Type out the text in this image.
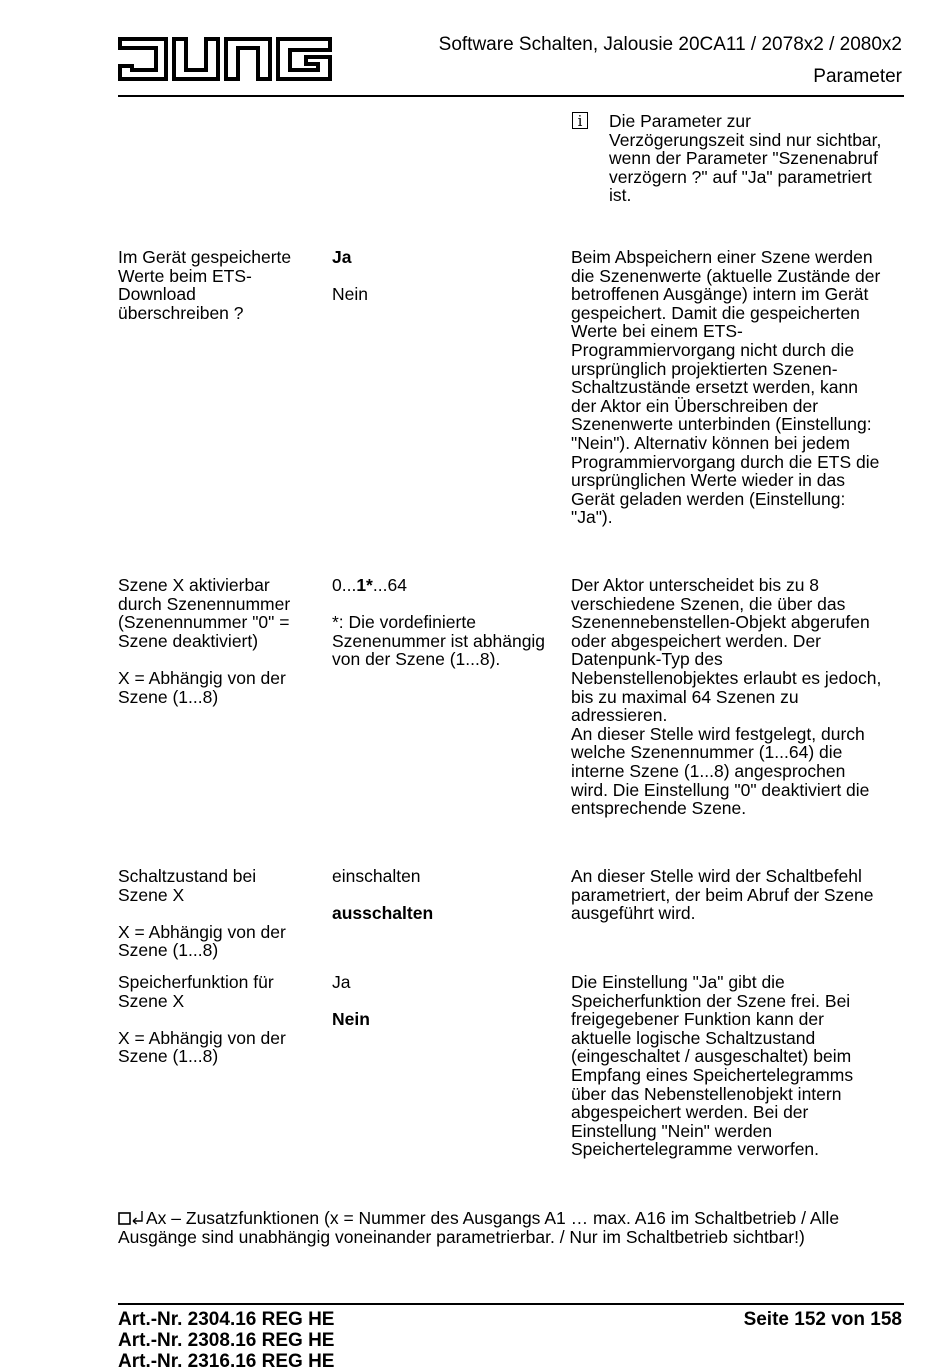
Software Schalten, Jalousie 20CA11 / 2078x2 / 2080x2
Parameter
i	Die Parameter zur
Verzögerungszeit sind nur sichtbar,
wenn der Parameter "Szenenabruf
verzögern ?" auf "Ja" parametriert
ist.
Im Gerät gespeicherte
Werte beim ETS-
Download
überschreiben ?
Ja
Nein
Beim Abspeichern einer Szene werden
die Szenenwerte (aktuelle Zustände der
betroffenen Ausgänge) intern im Gerät
gespeichert. Damit die gespeicherten
Werte bei einem ETS-
Programmiervorgang nicht durch die
ursprünglich projektierten Szenen-
Schaltzustände ersetzt werden, kann
der Aktor ein Überschreiben der
Szenenwerte unterbinden (Einstellung:
"Nein"). Alternativ können bei jedem
Programmiervorgang durch die ETS die
ursprünglichen Werte wieder in das
Gerät geladen werden (Einstellung:
"Ja").
Szene X aktivierbar
durch Szenennummer
(Szenennummer "0" =
Szene deaktiviert)
X = Abhängig von der
Szene (1...8)
0...1*...64
*: Die vordefinierte
Szenenummer ist abhängig
von der Szene (1...8).
Der Aktor unterscheidet bis zu 8
verschiedene Szenen, die über das
Szenennebenstellen-Objekt abgerufen
oder abgespeichert werden. Der
Datenpunk-Typ des
Nebenstellenobjektes erlaubt es jedoch,
bis zu maximal 64 Szenen zu
adressieren.
An dieser Stelle wird festgelegt, durch
welche Szenennummer (1...64) die
interne Szene (1...8) angesprochen
wird. Die Einstellung "0" deaktiviert die
entsprechende Szene.
Schaltzustand bei
Szene X
X = Abhängig von der
Szene (1...8)
einschalten
ausschalten
An dieser Stelle wird der Schaltbefehl
parametriert, der beim Abruf der Szene
ausgeführt wird.
Speicherfunktion für
Szene X
X = Abhängig von der
Szene (1...8)
Ja
Nein
Die Einstellung "Ja" gibt die
Speicherfunktion der Szene frei. Bei
freigegebener Funktion kann der
aktuelle logische Schaltzustand
(eingeschaltet / ausgeschaltet) beim
Empfang eines Speichertelegramms
über das Nebenstellenobjekt intern
abgespeichert werden. Bei der
Einstellung "Nein" werden
Speichertelegramme verworfen.
Ax – Zusatzfunktionen (x = Nummer des Ausgangs A1 … max. A16 im Schaltbetrieb / Alle
Ausgänge sind unabhängig voneinander parametrierbar. / Nur im Schaltbetrieb sichtbar!)
Art.-Nr. 2304.16 REG HE
Art.-Nr. 2308.16 REG HE
Art.-Nr. 2316.16 REG HE
Seite 152 von 158
